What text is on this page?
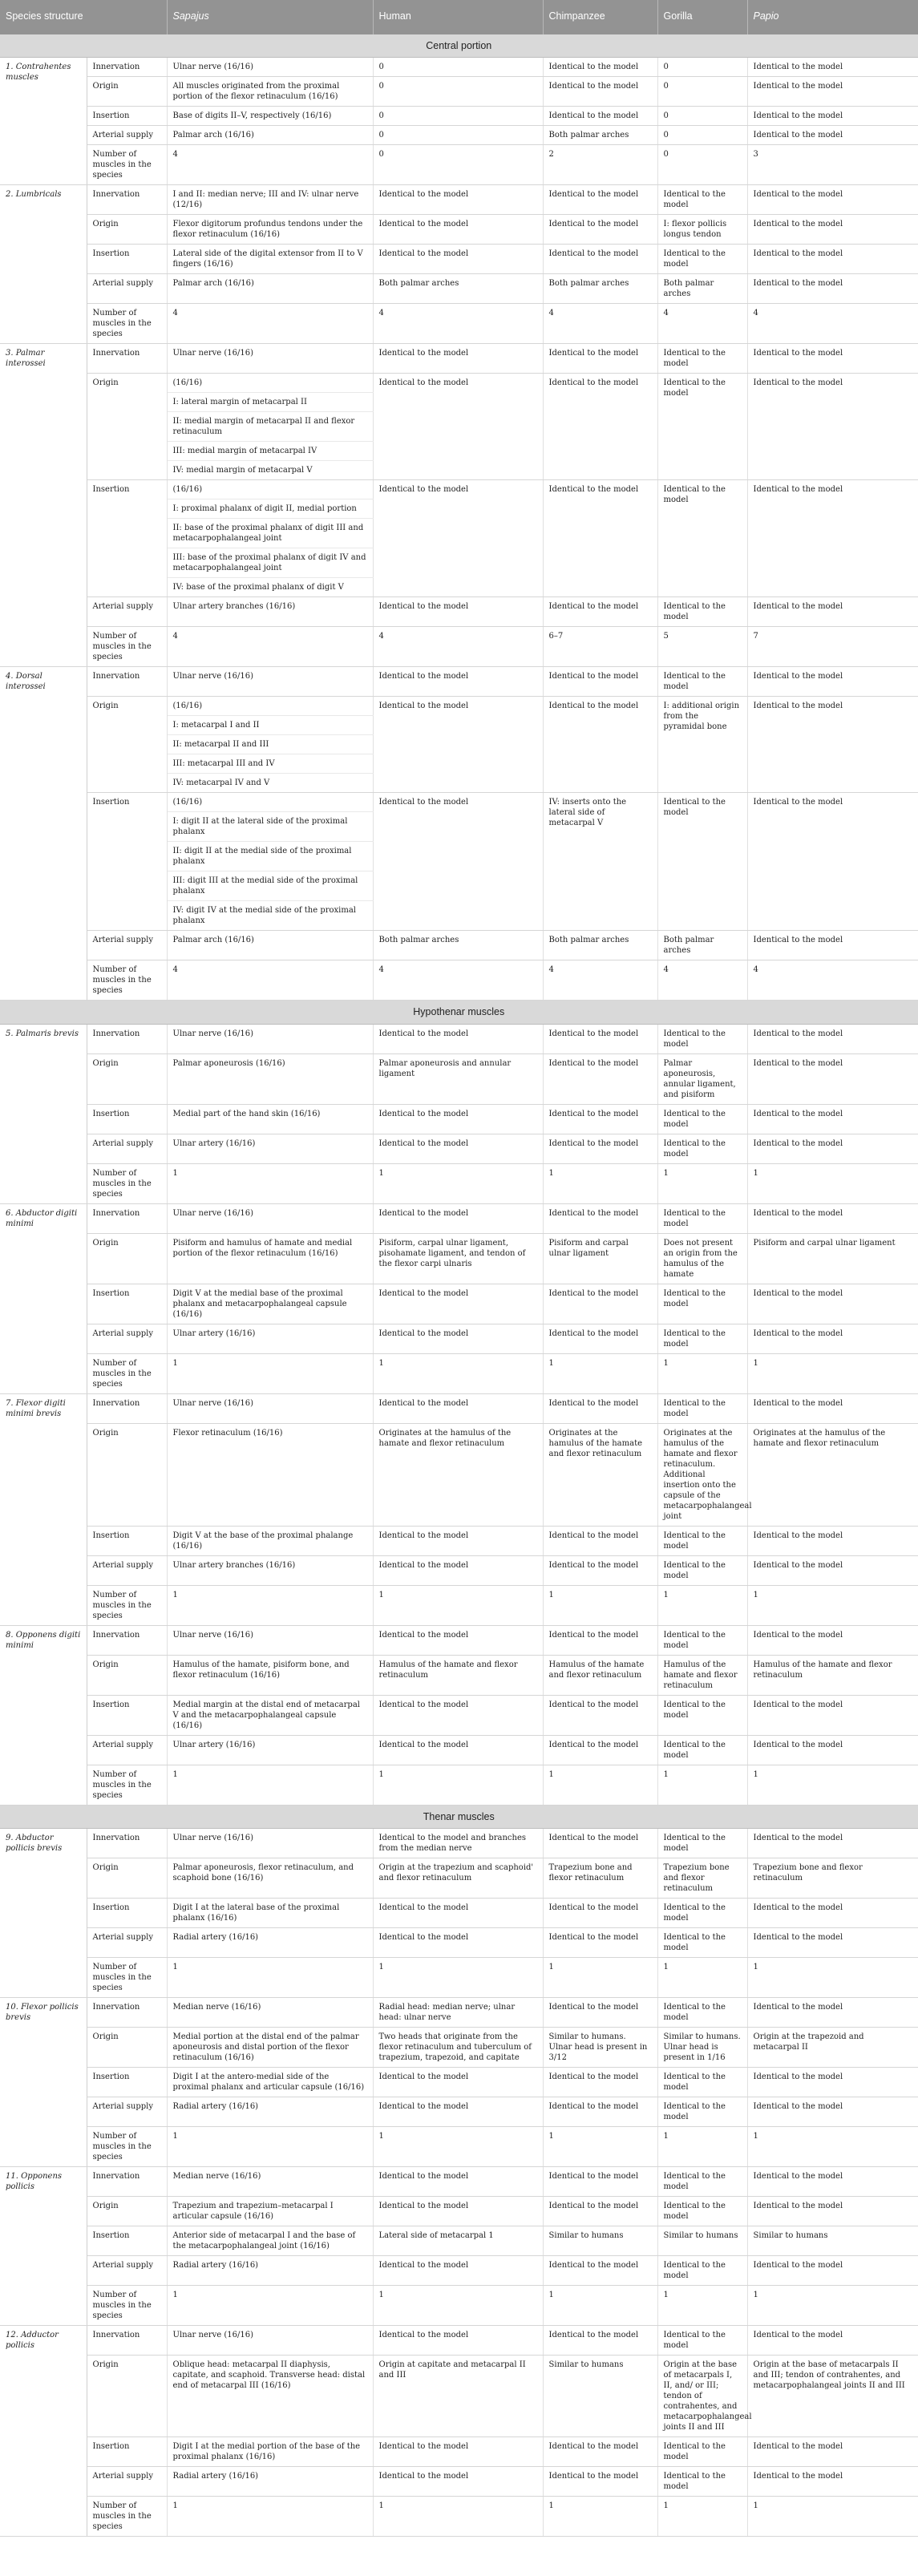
Species structure		Sapajus	Human	Chimpanzee	Gorilla	Papio
Central portion						
1. Contrahentes muscles	Innervation	Ulnar nerve (16/16)	0	Identical to the model	0	Identical to the model
	Origin	All muscles originated from the proximal portion of the flexor retinaculum (16/16)	0	Identical to the model	0	Identical to the model
	Insertion	Base of digits II–V, respectively (16/16)	0	Identical to the model	0	Identical to the model
	Arterial supply	Palmar arch (16/16)	0	Both palmar arches	0	Identical to the model
	Number of muscles in the species	4	0	2	0	3
2. Lumbricals	Innervation	I and II: median nerve; III and IV: ulnar nerve (12/16)	Identical to the model	Identical to the model	Identical to the model	Identical to the model
	Origin	Flexor digitorum profundus tendons under the flexor retinaculum (16/16)	Identical to the model	Identical to the model	I: flexor pollicis longus tendon	Identical to the model
	Insertion	Lateral side of the digital extensor from II to V fingers (16/16)	Identical to the model	Identical to the model	Identical to the model	Identical to the model
	Arterial supply	Palmar arch (16/16)	Both palmar arches	Both palmar arches	Both palmar arches	Identical to the model
	Number of muscles in the species	4	4	4	4	4
3. Palmar interossei	Innervation	Ulnar nerve (16/16)	Identical to the model	Identical to the model	Identical to the model	Identical to the model
	Origin	(16/16)	Identical to the model	Identical to the model	Identical to the model	Identical to the model
		I: lateral margin of metacarpal II				
		II: medial margin of metacarpal II and flexor retinaculum				
		III: medial margin of metacarpal IV				
		IV: medial margin of metacarpal V				
	Insertion	(16/16)	Identical to the model	Identical to the model	Identical to the model	Identical to the model
		I: proximal phalanx of digit II, medial portion				
		II: base of the proximal phalanx of digit III and metacarpophalangeal joint				
		III: base of the proximal phalanx of digit IV and metacarpophalangeal joint				
		IV: base of the proximal phalanx of digit V				
	Arterial supply	Ulnar artery branches (16/16)	Identical to the model	Identical to the model	Identical to the model	Identical to the model
	Number of muscles in the species	4	4	6–7	5	7
4. Dorsal interossei	Innervation	Ulnar nerve (16/16)	Identical to the model	Identical to the model	Identical to the model	Identical to the model
	Origin	(16/16)	Identical to the model	Identical to the model	I: additional origin from the pyramidal bone	Identical to the model
		I: metacarpal I and II				
		II: metacarpal II and III				
		III: metacarpal III and IV				
		IV: metacarpal IV and V				
	Insertion	(16/16)	Identical to the model	IV: inserts onto the lateral side of metacarpal V	Identical to the model	Identical to the model
		I: digit II at the lateral side of the proximal phalanx				
		II: digit II at the medial side of the proximal phalanx				
		III: digit III at the medial side of the proximal phalanx				
		IV: digit IV at the medial side of the proximal phalanx				
	Arterial supply	Palmar arch (16/16)	Both palmar arches	Both palmar arches	Both palmar arches	Identical to the model
	Number of muscles in the species	4	4	4	4	4
Hypothenar muscles						
5. Palmaris brevis	Innervation	Ulnar nerve (16/16)	Identical to the model	Identical to the model	Identical to the model	Identical to the model
	Origin	Palmar aponeurosis (16/16)	Palmar aponeurosis and annular ligament	Identical to the model	Palmar aponeurosis, annular ligament, and pisiform	Identical to the model
	Insertion	Medial part of the hand skin (16/16)	Identical to the model	Identical to the model	Identical to the model	Identical to the model
	Arterial supply	Ulnar artery (16/16)	Identical to the model	Identical to the model	Identical to the model	Identical to the model
	Number of muscles in the species	1	1	1	1	1
6. Abductor digiti minimi	Innervation	Ulnar nerve (16/16)	Identical to the model	Identical to the model	Identical to the model	Identical to the model
	Origin	Pisiform and hamulus of hamate and medial portion of the flexor retinaculum (16/16)	Pisiform, carpal ulnar ligament, pisohamate ligament, and tendon of the flexor carpi ulnaris	Pisiform and carpal ulnar ligament	Does not present an origin from the hamulus of the hamate	Pisiform and carpal ulnar ligament
	Insertion	Digit V at the medial base of the proximal phalanx and metacarpophalangeal capsule (16/16)	Identical to the model	Identical to the model	Identical to the model	Identical to the model
	Arterial supply	Ulnar artery (16/16)	Identical to the model	Identical to the model	Identical to the model	Identical to the model
	Number of muscles in the species	1	1	1	1	1
7. Flexor digiti minimi brevis	Innervation	Ulnar nerve (16/16)	Identical to the model	Identical to the model	Identical to the model	Identical to the model
	Origin	Flexor retinaculum (16/16)	Originates at the hamulus of the hamate and flexor retinaculum	Originates at the hamulus of the hamate and flexor retinaculum	Originates at the hamulus of the hamate and flexor retinaculum. Additional insertion onto the capsule of the metacarpophalangeal joint	Originates at the hamulus of the hamate and flexor retinaculum
	Insertion	Digit V at the base of the proximal phalange (16/16)	Identical to the model	Identical to the model	Identical to the model	Identical to the model
	Arterial supply	Ulnar artery branches (16/16)	Identical to the model	Identical to the model	Identical to the model	Identical to the model
	Number of muscles in the species	1	1	1	1	1
8. Opponens digiti minimi	Innervation	Ulnar nerve (16/16)	Identical to the model	Identical to the model	Identical to the model	Identical to the model
	Origin	Hamulus of the hamate, pisiform bone, and flexor retinaculum (16/16)	Hamulus of the hamate and flexor retinaculum	Hamulus of the hamate and flexor retinaculum	Hamulus of the hamate and flexor retinaculum	Hamulus of the hamate and flexor retinaculum
	Insertion	Medial margin at the distal end of metacarpal V and the metacarpophalangeal capsule (16/16)	Identical to the model	Identical to the model	Identical to the model	Identical to the model
	Arterial supply	Ulnar artery (16/16)	Identical to the model	Identical to the model	Identical to the model	Identical to the model
	Number of muscles in the species	1	1	1	1	1
Thenar muscles						
9. Abductor pollicis brevis	Innervation	Ulnar nerve (16/16)	Identical to the model and branches from the median nerve	Identical to the model	Identical to the model	Identical to the model
	Origin	Palmar aponeurosis, flexor retinaculum, and scaphoid bone (16/16)	Origin at the trapezium and scaphoid' and flexor retinaculum	Trapezium bone and flexor retinaculum	Trapezium bone and flexor retinaculum	Trapezium bone and flexor retinaculum
	Insertion	Digit I at the lateral base of the proximal phalanx (16/16)	Identical to the model	Identical to the model	Identical to the model	Identical to the model
	Arterial supply	Radial artery (16/16)	Identical to the model	Identical to the model	Identical to the model	Identical to the model
	Number of muscles in the species	1	1	1	1	1
10. Flexor pollicis brevis	Innervation	Median nerve (16/16)	Radial head: median nerve; ulnar head: ulnar nerve	Identical to the model	Identical to the model	Identical to the model
	Origin	Medial portion at the distal end of the palmar aponeurosis and distal portion of the flexor retinaculum (16/16)	Two heads that originate from the flexor retinaculum and tuberculum of trapezium, trapezoid, and capitate	Similar to humans. Ulnar head is present in 3/12	Similar to humans. Ulnar head is present in 1/16	Origin at the trapezoid and metacarpal II
	Insertion	Digit I at the antero-medial side of the proximal phalanx and articular capsule (16/16)	Identical to the model	Identical to the model	Identical to the model	Identical to the model
	Arterial supply	Radial artery (16/16)	Identical to the model	Identical to the model	Identical to the model	Identical to the model
	Number of muscles in the species	1	1	1	1	1
11. Opponens pollicis	Innervation	Median nerve (16/16)	Identical to the model	Identical to the model	Identical to the model	Identical to the model
	Origin	Trapezium and trapezium–metacarpal I articular capsule (16/16)	Identical to the model	Identical to the model	Identical to the model	Identical to the model
	Insertion	Anterior side of metacarpal I and the base of the metacarpophalangeal joint (16/16)	Lateral side of metacarpal 1	Similar to humans	Similar to humans	Similar to humans
	Arterial supply	Radial artery (16/16)	Identical to the model	Identical to the model	Identical to the model	Identical to the model
	Number of muscles in the species	1	1	1	1	1
12. Adductor pollicis	Innervation	Ulnar nerve (16/16)	Identical to the model	Identical to the model	Identical to the model	Identical to the model
	Origin	Oblique head: metacarpal II diaphysis, capitate, and scaphoid. Transverse head: distal end of metacarpal III (16/16)	Origin at capitate and metacarpal II and III	Similar to humans	Origin at the base of metacarpals I, II, and/ or III; tendon of contrahentes, and metacarpophalangeal joints II and III	Origin at the base of metacarpals II and III; tendon of contrahentes, and metacarpophalangeal joints II and III
	Insertion	Digit I at the medial portion of the base of the proximal phalanx (16/16)	Identical to the model	Identical to the model	Identical to the model	Identical to the model
	Arterial supply	Radial artery (16/16)	Identical to the model	Identical to the model	Identical to the model	Identical to the model
	Number of muscles in the species	1	1	1	1	1
